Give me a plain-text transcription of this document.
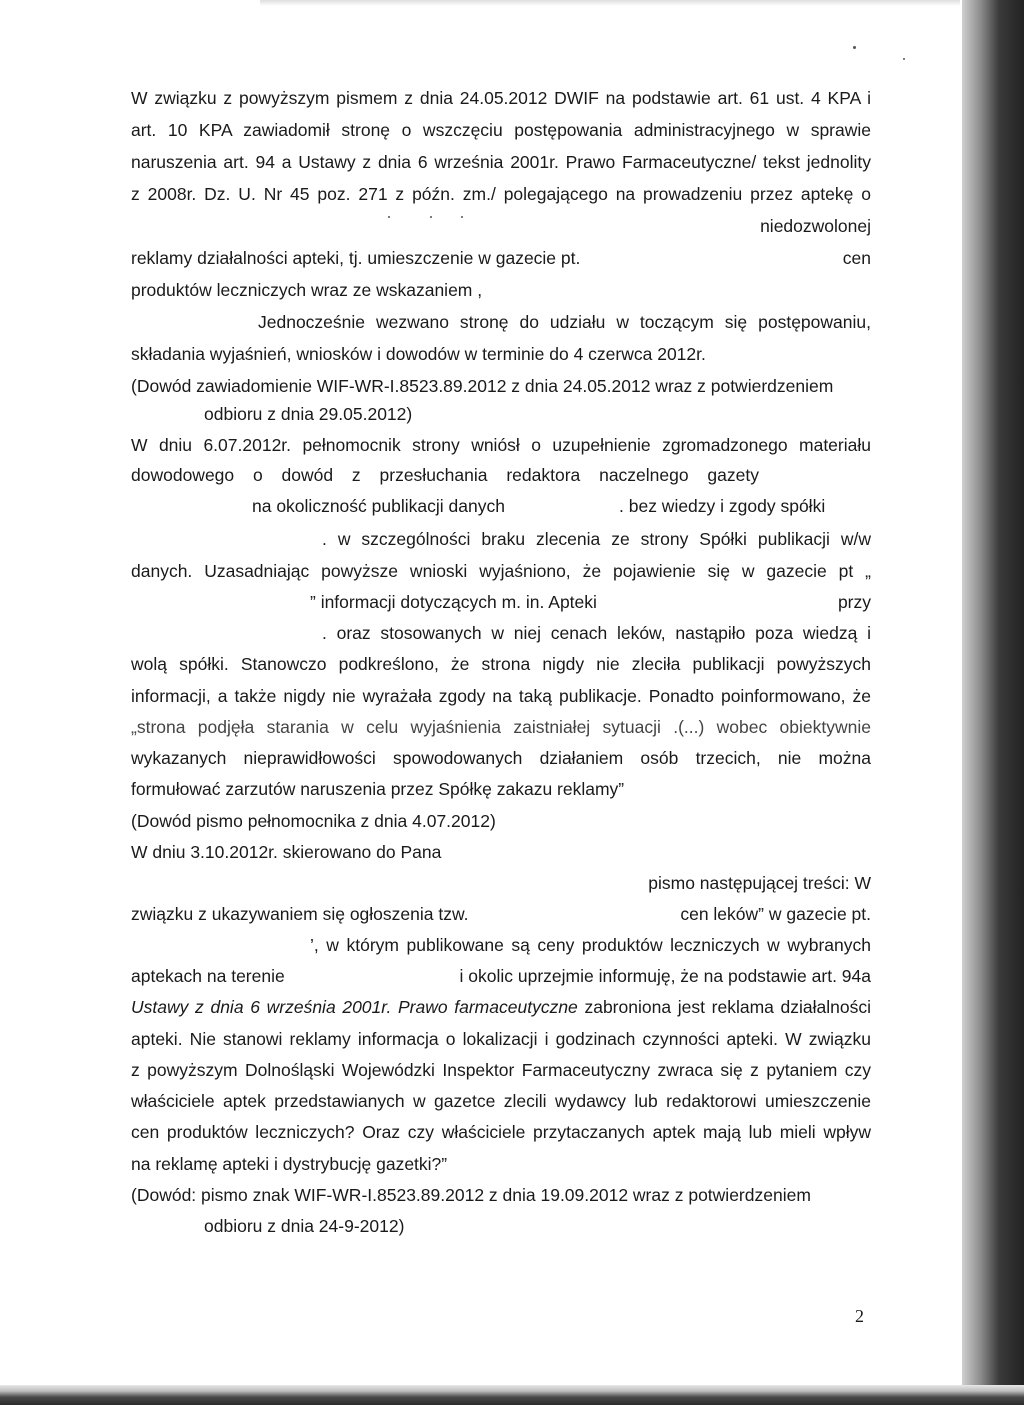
W związku z powyższym pismem z dnia 24.05.2012 DWIF na podstawie art. 61 ust. 4 KPA i
art. 10 KPA zawiadomił stronę o wszczęciu postępowania administracyjnego w sprawie
naruszenia art. 94 a Ustawy z dnia 6 września 2001r. Prawo Farmaceutyczne/ tekst jednolity
z 2008r. Dz. U. Nr 45 poz. 271 z późn. zm./ polegającego na prowadzeniu przez aptekę o
niedozwolonej
reklamy działalności apteki, tj. umieszczenie w gazecie pt.	cen
produktów leczniczych wraz ze wskazaniem ,
Jednocześnie wezwano stronę do udziału w toczącym się postępowaniu,
składania wyjaśnień, wniosków i dowodów w terminie do 4 czerwca 2012r.
(Dowód zawiadomienie WIF-WR-I.8523.89.2012 z dnia 24.05.2012 wraz z potwierdzeniem
odbioru z dnia 29.05.2012)
W dniu 6.07.2012r. pełnomocnik strony wniósł o uzupełnienie zgromadzonego materiału
dowodowego o dowód z przesłuchania redaktora naczelnego gazety
na okoliczność publikacji danych	. bez wiedzy i zgody spółki
. w szczególności braku zlecenia ze strony Spółki publikacji w/w
danych. Uzasadniając powyższe wnioski wyjaśniono, że pojawienie się w gazecie pt „
” informacji dotyczących m. in. Apteki	przy
. oraz stosowanych w niej cenach leków, nastąpiło poza wiedzą i
wolą spółki. Stanowczo podkreślono, że strona nigdy nie zleciła publikacji powyższych
informacji, a także nigdy nie wyrażała zgody na taką publikacje. Ponadto poinformowano, że
„strona podjęła starania w celu wyjaśnienia zaistniałej sytuacji .(...) wobec obiektywnie
wykazanych nieprawidłowości spowodowanych działaniem osób trzecich, nie można
formułować zarzutów naruszenia przez Spółkę zakazu reklamy”
(Dowód pismo pełnomocnika z dnia 4.07.2012)
W dniu 3.10.2012r. skierowano do Pana
pismo następującej treści: W
związku z ukazywaniem się ogłoszenia tzw.	cen leków” w gazecie pt.
’, w którym publikowane są ceny produktów leczniczych w wybranych
aptekach na terenie	i okolic uprzejmie informuję, że na podstawie art. 94a
Ustawy z dnia 6 września 2001r. Prawo farmaceutyczne zabroniona jest reklama działalności
apteki. Nie stanowi reklamy informacja o lokalizacji i godzinach czynności apteki. W związku
z powyższym Dolnośląski Wojewódzki Inspektor Farmaceutyczny zwraca się z pytaniem czy
właściciele aptek przedstawianych w gazetce zlecili wydawcy lub redaktorowi umieszczenie
cen produktów leczniczych? Oraz czy właściciele przytaczanych aptek mają lub mieli wpływ
na reklamę apteki i dystrybucję gazetki?”
(Dowód: pismo znak WIF-WR-I.8523.89.2012 z dnia 19.09.2012 wraz z potwierdzeniem
odbioru z dnia 24-9-2012)
2
